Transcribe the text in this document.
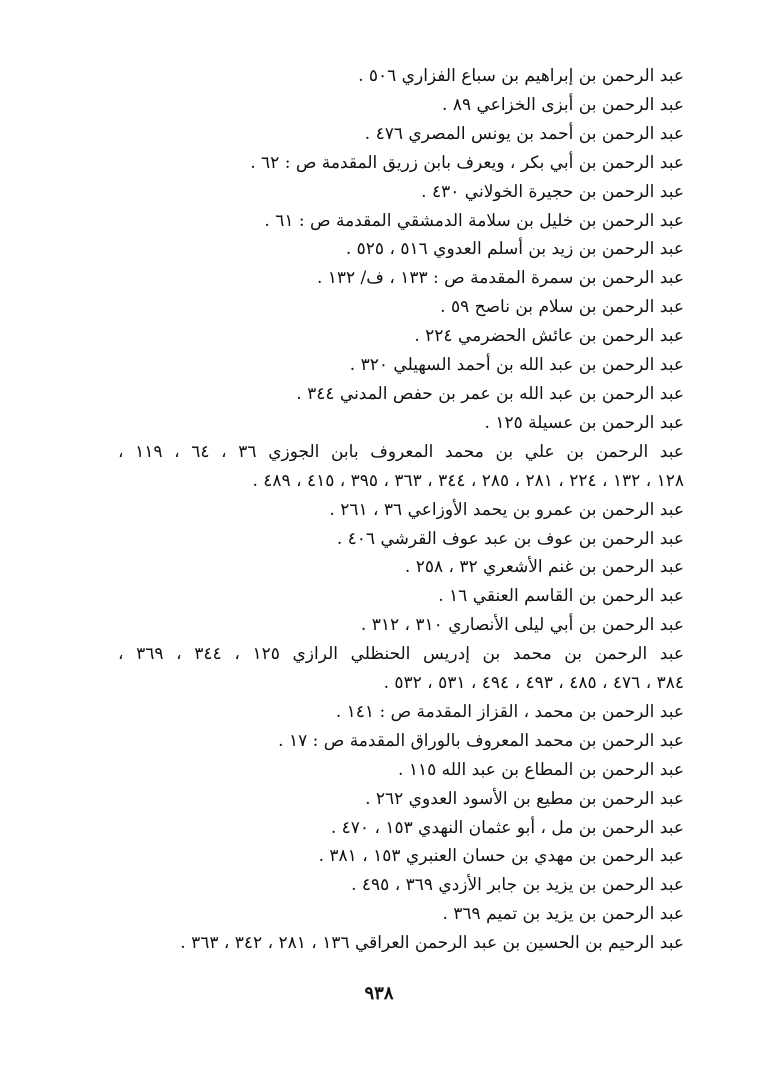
عبد الرحمن بن إبراهيم بن سباع الفزاري ٥٠٦ .
عبد الرحمن بن أبزى الخزاعي ٨٩ .
عبد الرحمن بن أحمد بن يونس المصري ٤٧٦ .
عبد الرحمن بن أبي بكر ، ويعرف بابن زريق المقدمة ص : ٦٢ .
عبد الرحمن بن حجيرة الخولاني ٤٣٠ .
عبد الرحمن بن خليل بن سلامة الدمشقي المقدمة ص : ٦١ .
عبد الرحمن بن زيد بن أسلم العدوي ٥١٦ ، ٥٢٥ .
عبد الرحمن بن سمرة المقدمة ص : ١٣٣ ، ف/ ١٣٢ .
عبد الرحمن بن سلام بن ناصح ٥٩ .
عبد الرحمن بن عائش الحضرمي ٢٢٤ .
عبد الرحمن بن عبد الله بن أحمد السهيلي ٣٢٠ .
عبد الرحمن بن عبد الله بن عمر بن حفص المدني ٣٤٤ .
عبد الرحمن بن عسيلة ١٢٥ .
عبد الرحمن بن علي بن محمد المعروف بابن الجوزي ٣٦ ، ٦٤ ، ١١٩ ،
١٢٨ ، ١٣٢ ، ٢٢٤ ، ٢٨١ ، ٢٨٥ ، ٣٤٤ ، ٣٦٣ ، ٣٩٥ ، ٤١٥ ، ٤٨٩ .
عبد الرحمن بن عمرو بن يحمد الأوزاعي ٣٦ ، ٢٦١ .
عبد الرحمن بن عوف بن عبد عوف القرشي ٤٠٦ .
عبد الرحمن بن غنم الأشعري ٣٢ ، ٢٥٨ .
عبد الرحمن بن القاسم العنقي ١٦ .
عبد الرحمن بن أبي ليلى الأنصاري ٣١٠ ، ٣١٢ .
عبد الرحمن بن محمد بن إدريس الحنظلي الرازي ١٢٥ ، ٣٤٤ ، ٣٦٩ ،
٣٨٤ ، ٤٧٦ ، ٤٨٥ ، ٤٩٣ ، ٤٩٤ ، ٥٣١ ، ٥٣٢ .
عبد الرحمن بن محمد ، القزاز المقدمة ص : ١٤١ .
عبد الرحمن بن محمد المعروف بالوراق المقدمة ص : ١٧ .
عبد الرحمن بن المطاع بن عبد الله ١١٥ .
عبد الرحمن بن مطيع بن الأسود العدوي ٢٦٢ .
عبد الرحمن بن مل ، أبو عثمان النهدي ١٥٣ ، ٤٧٠ .
عبد الرحمن بن مهدي بن حسان العنبري ١٥٣ ، ٣٨١ .
عبد الرحمن بن يزيد بن جابر الأزدي ٣٦٩ ، ٤٩٥ .
عبد الرحمن بن يزيد بن تميم ٣٦٩ .
عبد الرحيم بن الحسين بن عبد الرحمن العراقي ١٣٦ ، ٢٨١ ، ٣٤٢ ، ٣٦٣ .
٩٣٨
